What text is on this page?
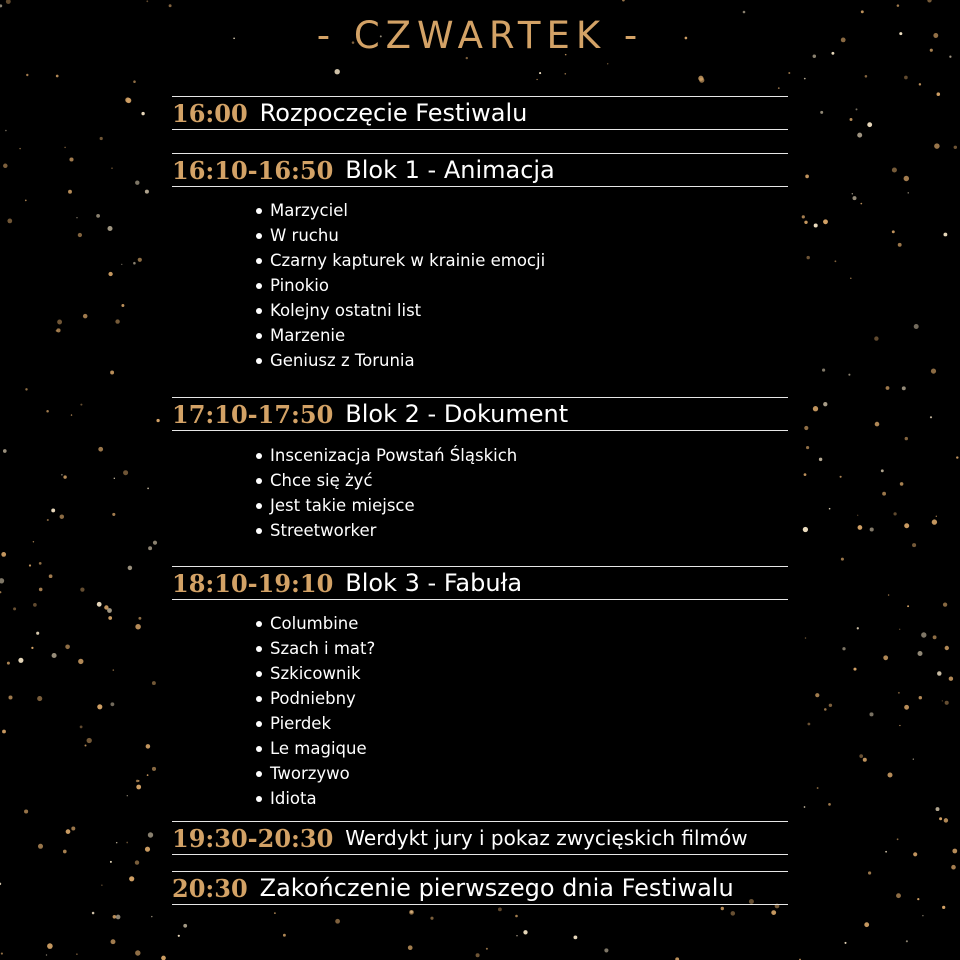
- CZWARTEK -
16:00 Rozpoczęcie Festiwalu
16:10-16:50 Blok 1 - Animacja
Marzyciel
W ruchu
Czarny kapturek w krainie emocji
Pinokio
Kolejny ostatni list
Marzenie
Geniusz z Torunia
17:10-17:50 Blok 2 - Dokument
Inscenizacja Powstań Śląskich
Chce się żyć
Jest takie miejsce
Streetworker
18:10-19:10 Blok 3 - Fabuła
Columbine
Szach i mat?
Szkicownik
Podniebny
Pierdek
Le magique
Tworzywo
Idiota
19:30-20:30 Werdykt jury i pokaz zwycięskich filmów
20:30 Zakończenie pierwszego dnia Festiwalu
